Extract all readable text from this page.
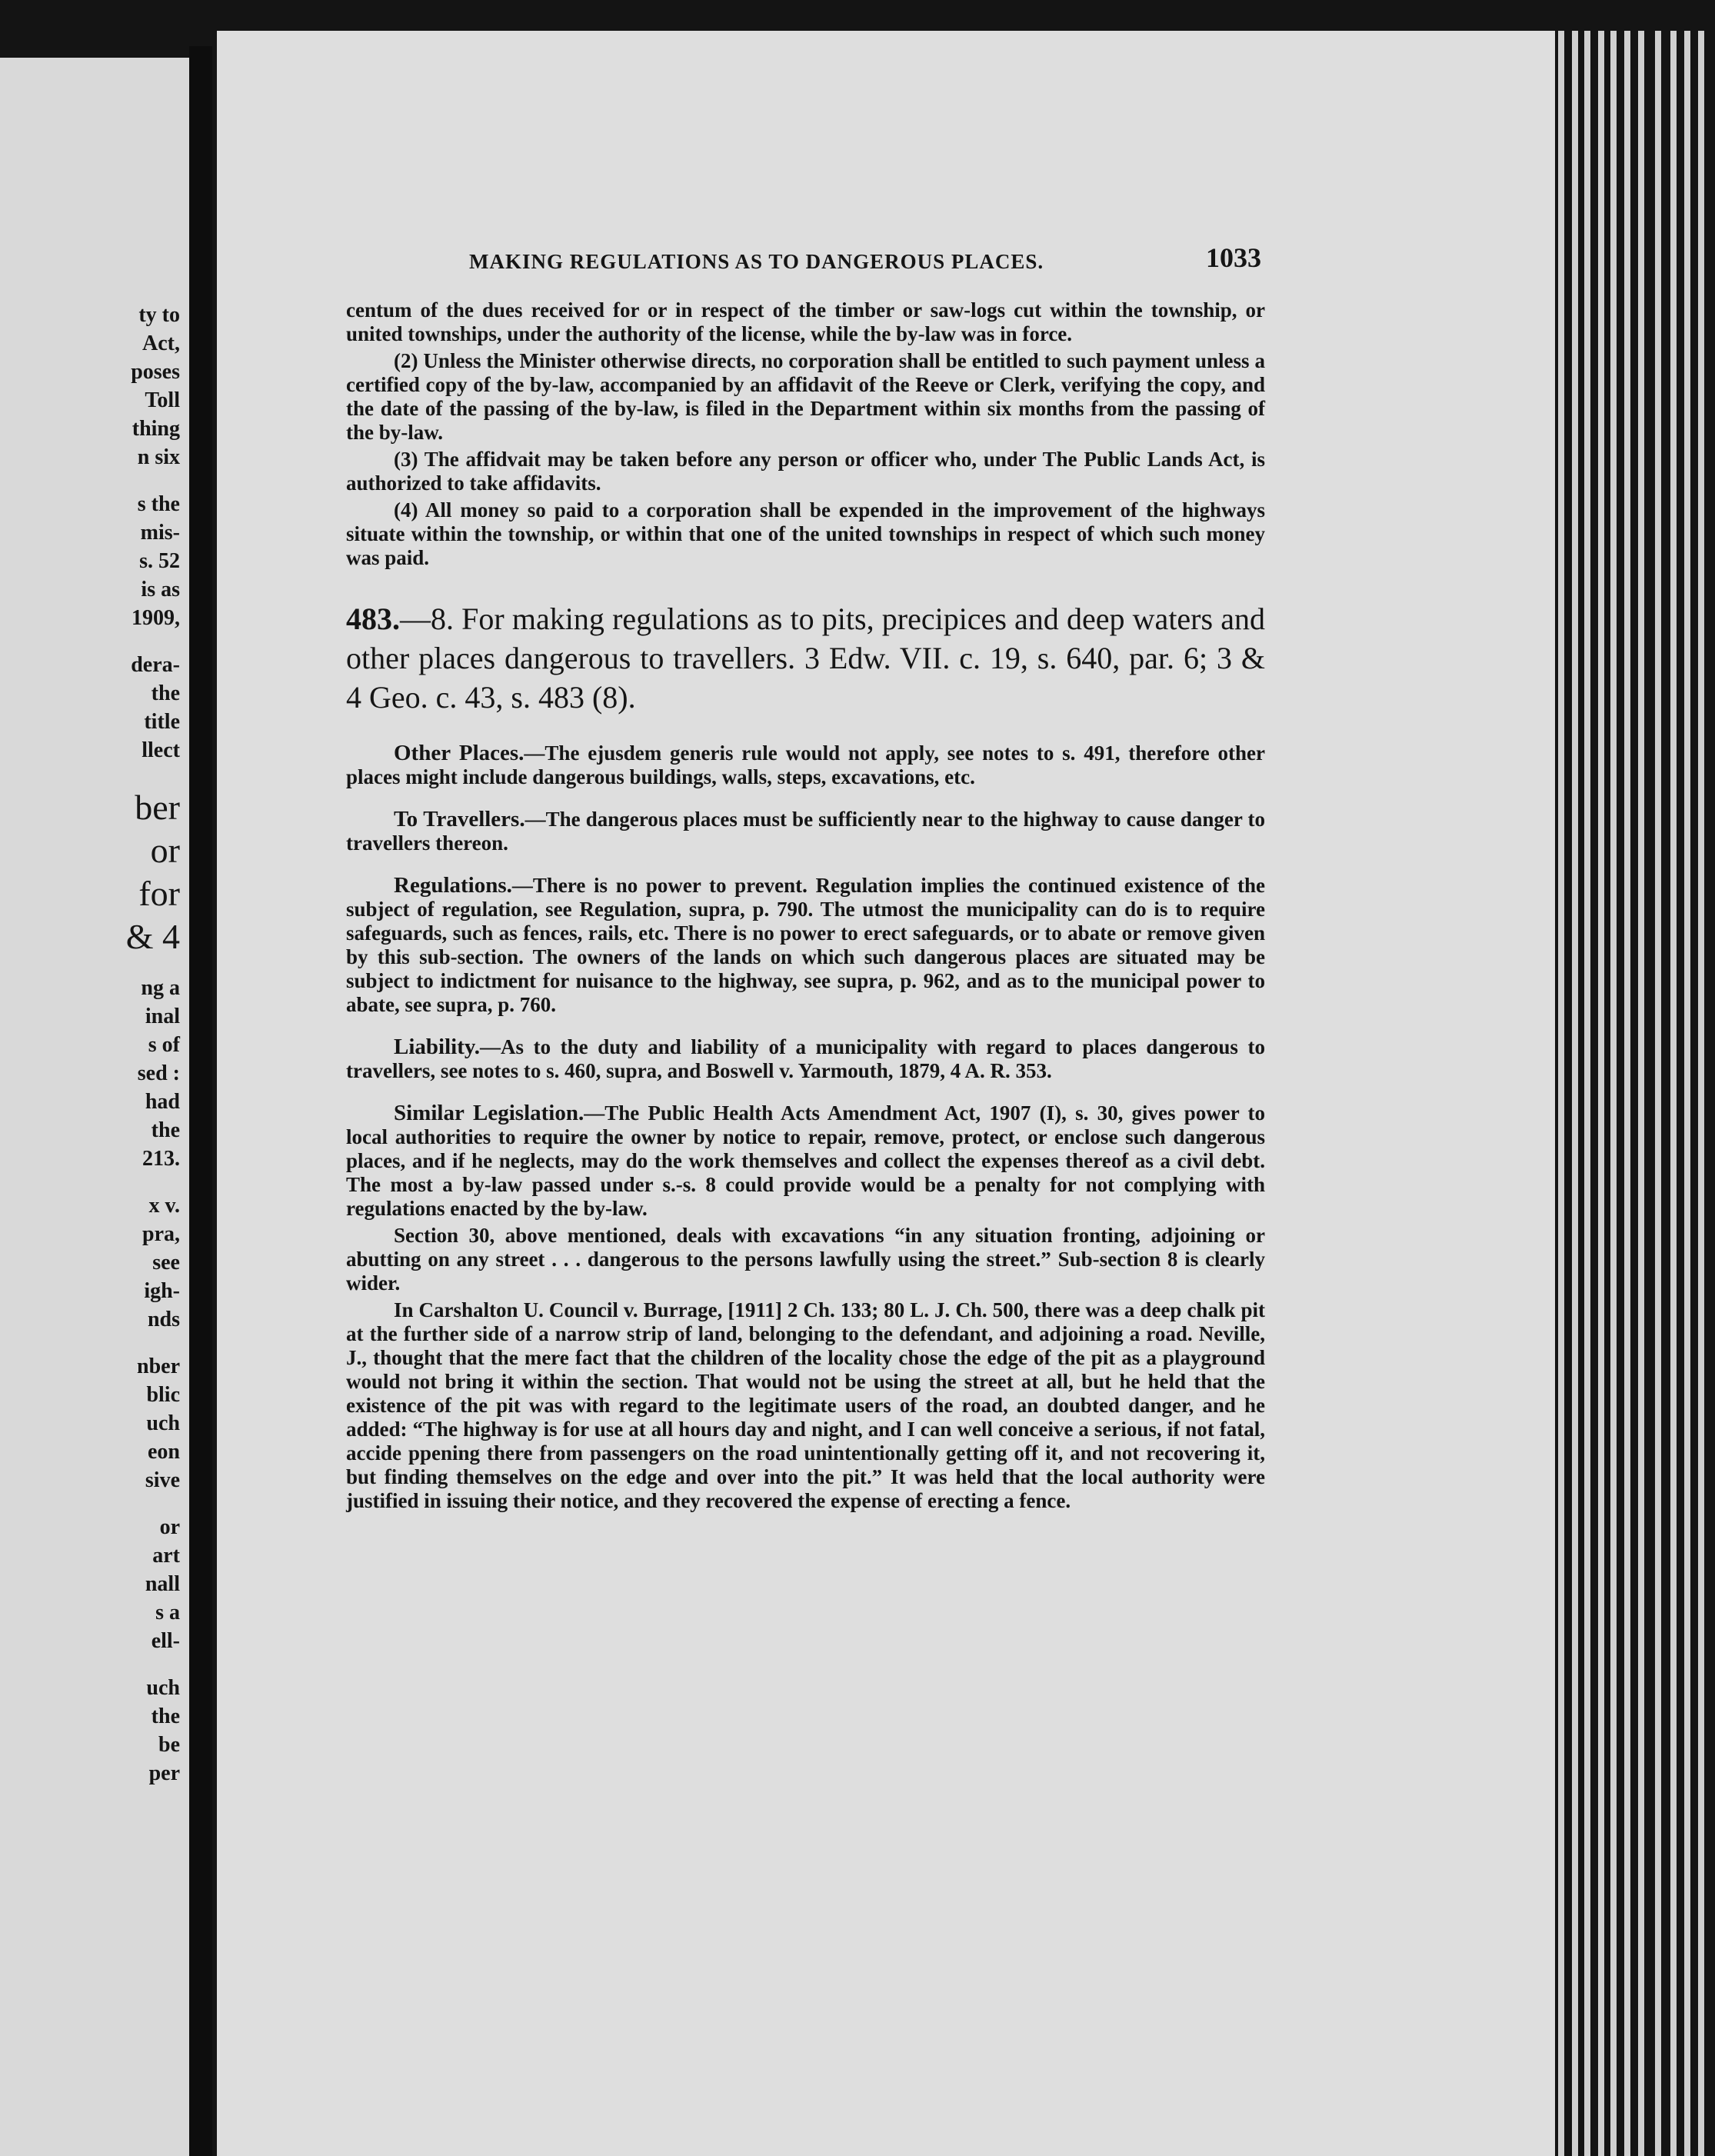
ty to
Act,
poses
Toll
thing
n six
s the
mis-
s. 52
is as
1909,
dera-
the
title
llect
ber
or
for
& 4
ng a
inal
s of
sed :
had
the
213.
x v.
pra,
see
igh-
nds
nber
blic
uch
eon
sive
or
art
nall
s a
ell-
uch
the
be
per
MAKING REGULATIONS AS TO DANGEROUS PLACES.	1033

centum of the dues received for or in respect of the timber or saw-logs cut within the township, or united townships, under the authority of the license, while the by-law was in force.

(2) Unless the Minister otherwise directs, no corporation shall be entitled to such payment unless a certified copy of the by-law, accompanied by an affidavit of the Reeve or Clerk, verifying the copy, and the date of the passing of the by-law, is filed in the Department within six months from the passing of the by-law.

(3) The affidvait may be taken before any person or officer who, under The Public Lands Act, is authorized to take affidavits.

(4) All money so paid to a corporation shall be expended in the improvement of the highways situate within the township, or within that one of the united townships in respect of which such money was paid.

483.—8. For making regulations as to pits, precipices and deep waters and other places dangerous to travellers. 3 Edw. VII. c. 19, s. 640, par. 6; 3 & 4 Geo. c. 43, s. 483 (8).

Other Places.—The ejusdem generis rule would not apply, see notes to s. 491, therefore other places might include dangerous buildings, walls, steps, excavations, etc.

To Travellers.—The dangerous places must be sufficiently near to the highway to cause danger to travellers thereon.

Regulations.—There is no power to prevent. Regulation implies the continued existence of the subject of regulation, see Regulation, supra, p. 790. The utmost the municipality can do is to require safeguards, such as fences, rails, etc. There is no power to erect safeguards, or to abate or remove given by this sub-section. The owners of the lands on which such dangerous places are situated may be subject to indictment for nuisance to the highway, see supra, p. 962, and as to the municipal power to abate, see supra, p. 760.

Liability.—As to the duty and liability of a municipality with regard to places dangerous to travellers, see notes to s. 460, supra, and Boswell v. Yarmouth, 1879, 4 A. R. 353.

Similar Legislation.—The Public Health Acts Amendment Act, 1907 (I), s. 30, gives power to local authorities to require the owner by notice to repair, remove, protect, or enclose such dangerous places, and if he neglects, may do the work themselves and collect the expenses thereof as a civil debt. The most a by-law passed under s.-s. 8 could provide would be a penalty for not complying with regulations enacted by the by-law.

Section 30, above mentioned, deals with excavations “in any situation fronting, adjoining or abutting on any street . . . dangerous to the persons lawfully using the street.” Sub-section 8 is clearly wider.

In Carshalton U. Council v. Burrage, [1911] 2 Ch. 133; 80 L. J. Ch. 500, there was a deep chalk pit at the further side of a narrow strip of land, belonging to the defendant, and adjoining a road. Neville, J., thought that the mere fact that the children of the locality chose the edge of the pit as a playground would not bring it within the section. That would not be using the street at all, but he held that the existence of the pit was with regard to the legitimate users of the road, an doubted danger, and he added: “The highway is for use at all hours day and night, and I can well conceive a serious, if not fatal, accide ppening there from passengers on the road unintentionally getting off it, and not recovering it, but finding themselves on the edge and over into the pit.” It was held that the local authority were justified in issuing their notice, and they recovered the expense of erecting a fence.
